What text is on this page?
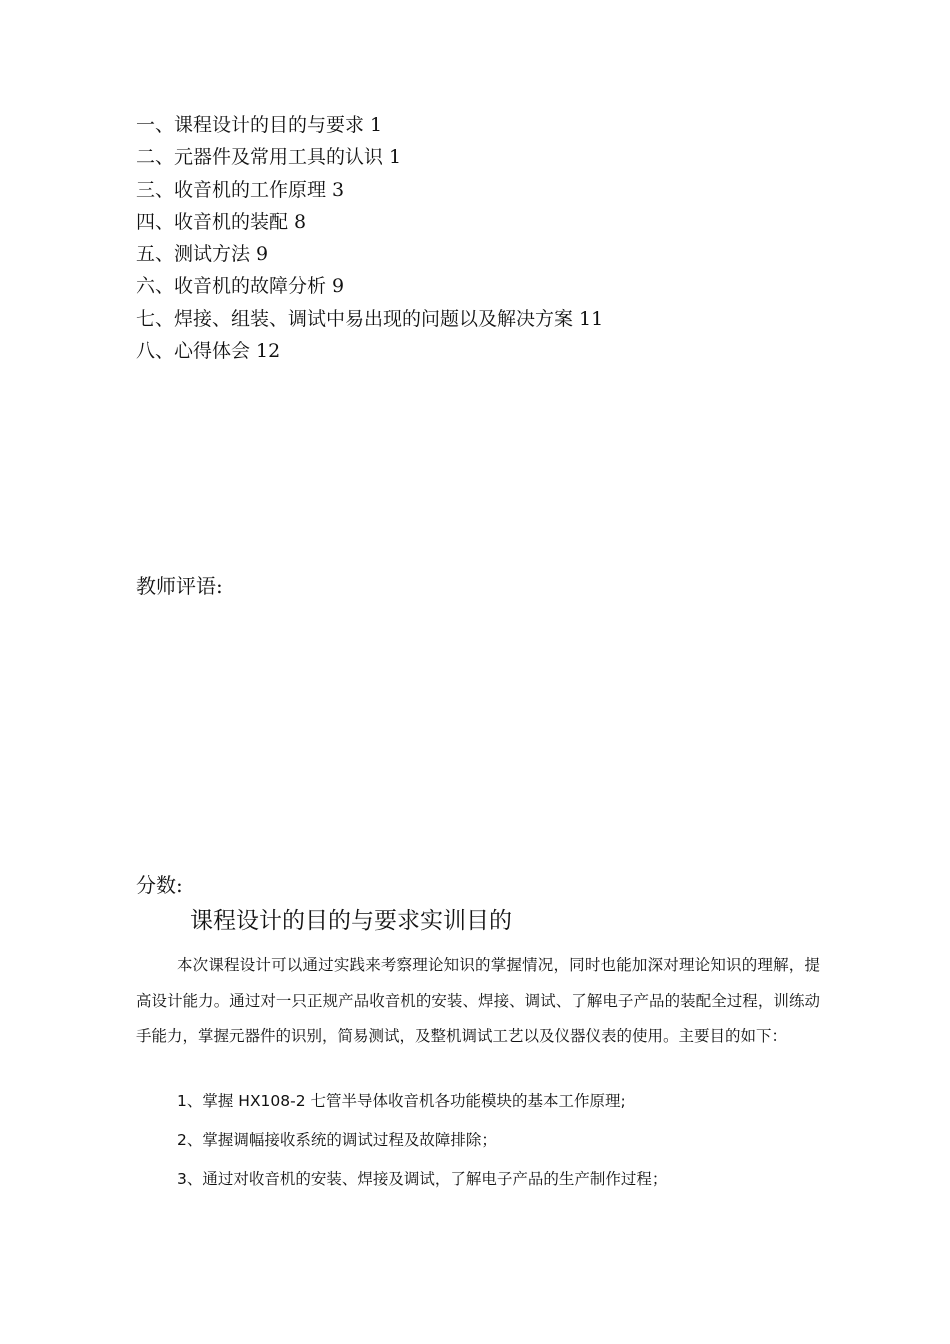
一、课程设计的目的与要求 1
二、元器件及常用工具的认识 1
三、收音机的工作原理 3
四、收音机的装配 8
五、测试方法 9
六、收音机的故障分析 9
七、焊接、组装、调试中易出现的问题以及解决方案 11
八、心得体会 12
教师评语:
分数:
课程设计的目的与要求实训目的

本次课程设计可以通过实践来考察理论知识的掌握情况，同时也能加深对理论知识的理解，提高设计能力。通过对一只正规产品收音机的安装、焊接、调试、了解电子产品的装配全过程，训练动手能力，掌握元器件的识别，简易测试，及整机调试工艺以及仪器仪表的使用。主要目的如下：

1、掌握 HX108-2 七管半导体收音机各功能模块的基本工作原理;
2、掌握调幅接收系统的调试过程及故障排除；
3、通过对收音机的安装、焊接及调试，了解电子产品的生产制作过程；
